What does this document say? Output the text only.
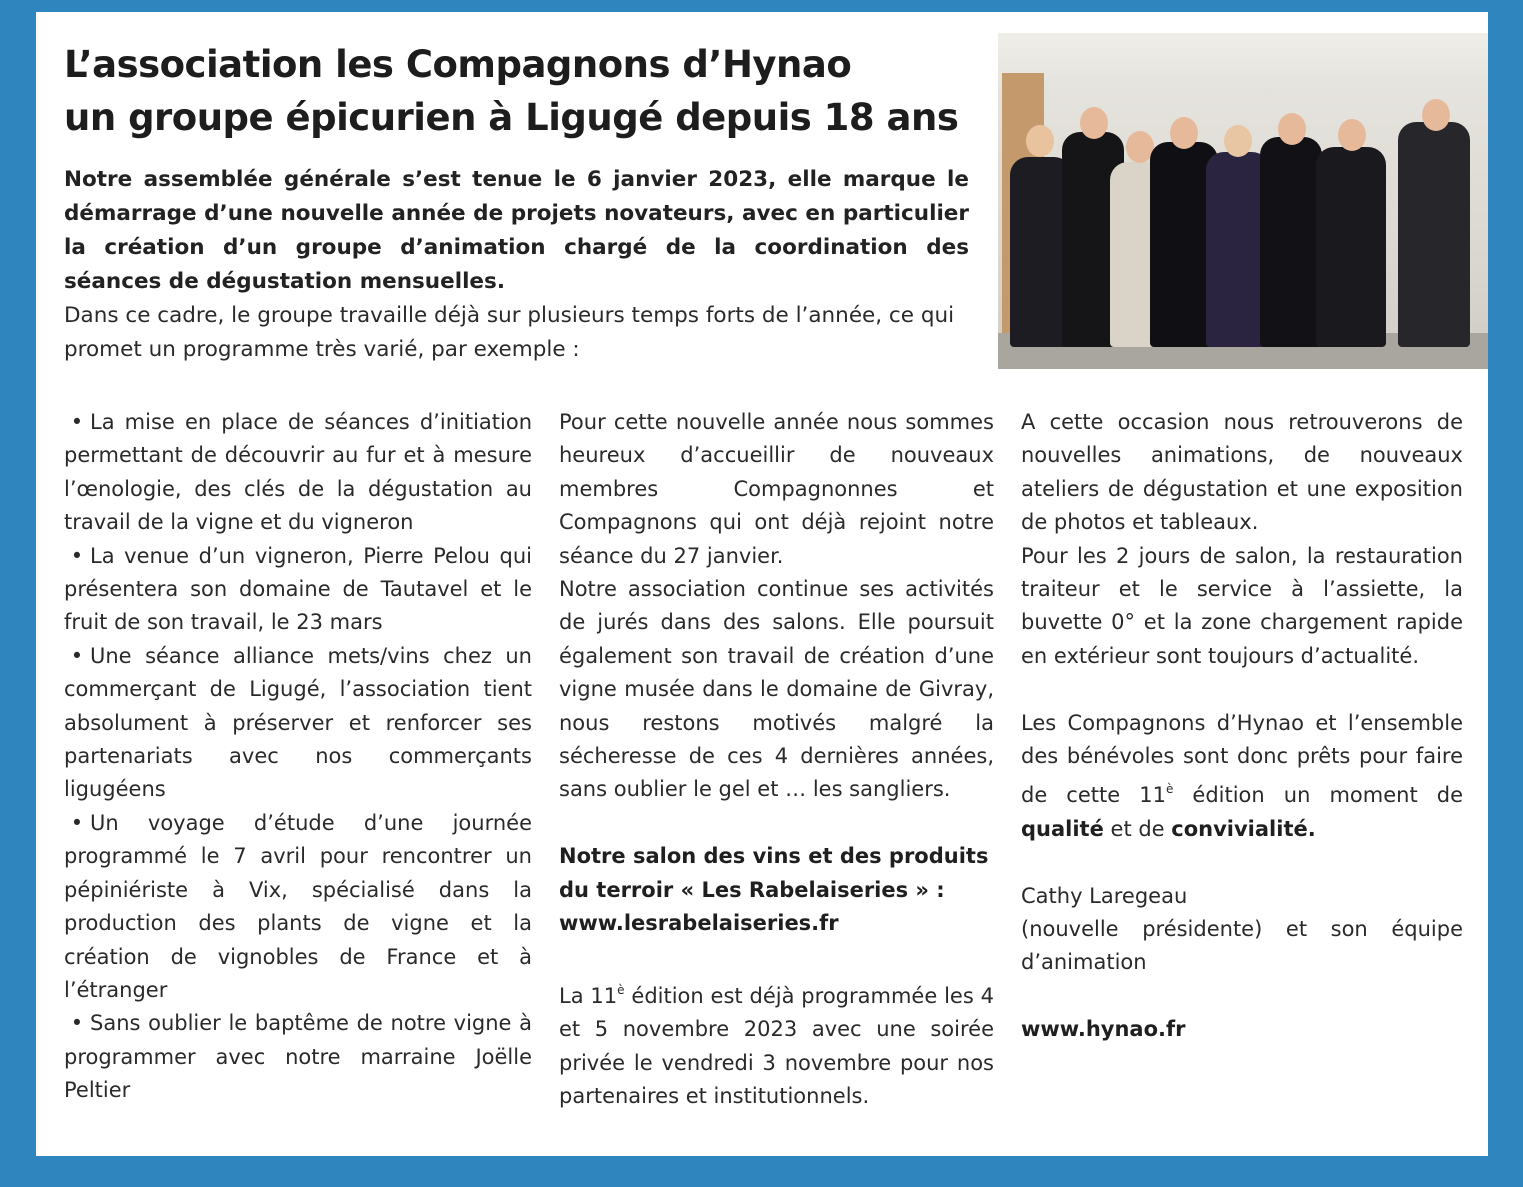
L’association les Compagnons d’Hynao
un groupe épicurien à Ligugé depuis 18 ans

Notre assemblée générale s’est tenue le 6 janvier 2023, elle marque le démarrage d’une nouvelle année de projets novateurs, avec en particulier la création d’un groupe d’animation chargé de la coordination des séances de dégustation mensuelles.

Dans ce cadre, le groupe travaille déjà sur plusieurs temps forts de l’année, ce qui promet un programme très varié, par exemple :

• La mise en place de séances d’initiation permettant de découvrir au fur et à mesure l’œnologie, des clés de la dégustation au travail de la vigne et du vigneron

• La venue d’un vigneron, Pierre Pelou qui présentera son domaine de Tautavel et le fruit de son travail, le 23 mars

• Une séance alliance mets/vins chez un commerçant de Ligugé, l’association tient absolument à préserver et renforcer ses partenariats avec nos commerçants ligugéens

• Un voyage d’étude d’une journée programmé le 7 avril pour rencontrer un pépiniériste à Vix, spécialisé dans la production des plants de vigne et la création de vignobles de France et à l’étranger

• Sans oublier le baptême de notre vigne à programmer avec notre marraine Joëlle Peltier

Pour cette nouvelle année nous sommes heureux d’accueillir de nouveaux membres Compagnonnes et Compagnons qui ont déjà rejoint notre séance du 27 janvier.

Notre association continue ses activités de jurés dans des salons. Elle poursuit également son travail de création d’une vigne musée dans le domaine de Givray, nous restons motivés malgré la sécheresse de ces 4 dernières années, sans oublier le gel et … les sangliers.

Notre salon des vins et des produits du terroir « Les Rabelaiseries » :

www.lesrabelaiseries.fr

La $11^è$ édition est déjà programmée les 4 et 5 novembre 2023 avec une soirée privée le vendredi 3 novembre pour nos partenaires et institutionnels.

A cette occasion nous retrouverons de nouvelles animations, de nouveaux ateliers de dégustation et une exposition de photos et tableaux.

Pour les 2 jours de salon, la restauration traiteur et le service à l’assiette, la buvette 0° et la zone chargement rapide en extérieur sont toujours d’actualité.

Les Compagnons d’Hynao et l’ensemble des bénévoles sont donc prêts pour faire de cette $11^è$ édition un moment de qualité et de convivialité.

Cathy Laregeau

(nouvelle présidente) et son équipe d’animation

www.hynao.fr
